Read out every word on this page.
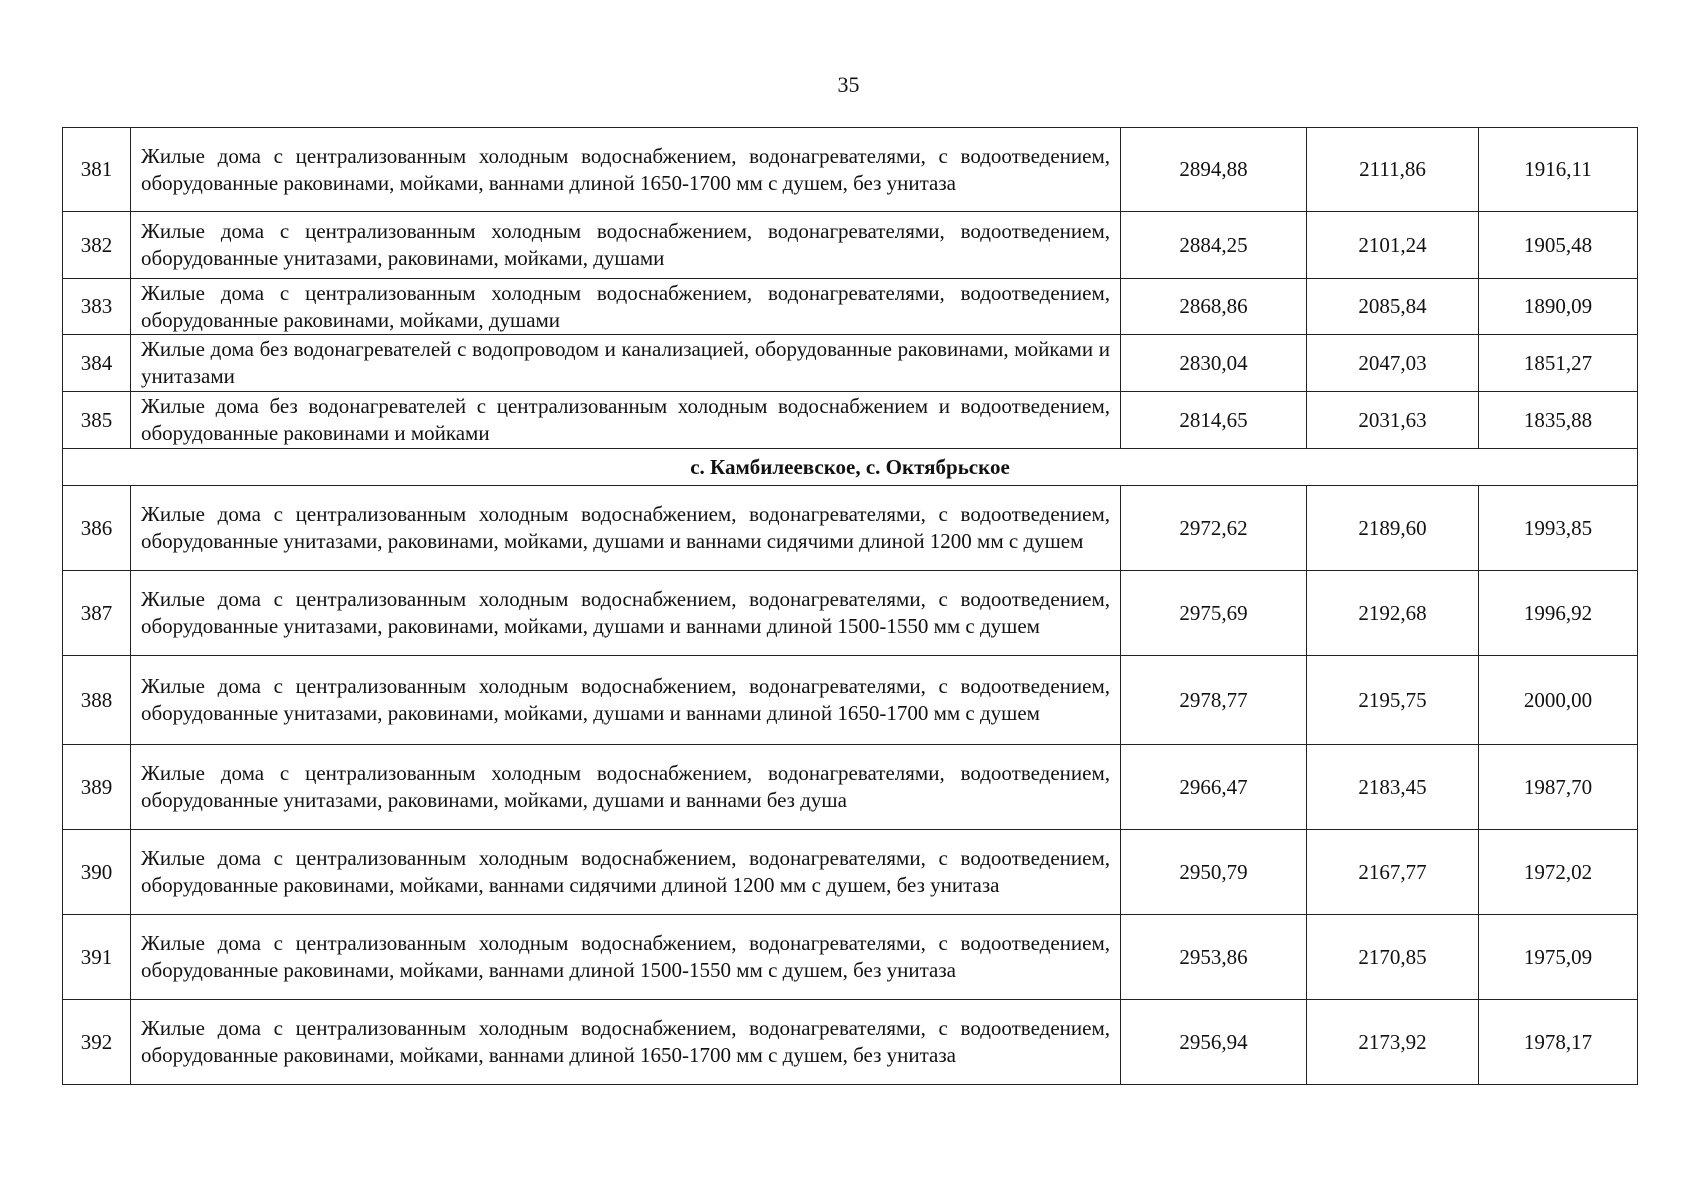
35
381	Жилые дома с централизованным холодным водоснабжением, водонагревателями, с водоотведением, оборудованные раковинами, мойками, ваннами длиной 1650-1700 мм с душем, без унитаза	2894,88	2111,86	1916,11
382	Жилые дома с централизованным холодным водоснабжением, водонагревателями, водоотведением, оборудованные унитазами, раковинами, мойками, душами	2884,25	2101,24	1905,48
383	Жилые дома с централизованным холодным водоснабжением, водонагревателями, водоотведением, оборудованные раковинами, мойками, душами	2868,86	2085,84	1890,09
384	Жилые дома без водонагревателей с водопроводом и канализацией, оборудованные раковинами, мойками и унитазами	2830,04	2047,03	1851,27
385	Жилые дома без водонагревателей с централизованным холодным водоснабжением и водоотведением, оборудованные раковинами и мойками	2814,65	2031,63	1835,88
с. Камбилеевское, с. Октябрьское				
386	Жилые дома с централизованным холодным водоснабжением, водонагревателями, с водоотведением, оборудованные унитазами, раковинами, мойками, душами и ваннами сидячими длиной 1200 мм с душем	2972,62	2189,60	1993,85
387	Жилые дома с централизованным холодным водоснабжением, водонагревателями, с водоотведением, оборудованные унитазами, раковинами, мойками, душами и ваннами длиной 1500-1550 мм с душем	2975,69	2192,68	1996,92
388	Жилые дома с централизованным холодным водоснабжением, водонагревателями, с водоотведением, оборудованные унитазами, раковинами, мойками, душами и ваннами длиной 1650-1700 мм с душем	2978,77	2195,75	2000,00
389	Жилые дома с централизованным холодным водоснабжением, водонагревателями, водоотведением, оборудованные унитазами, раковинами, мойками, душами и ваннами без душа	2966,47	2183,45	1987,70
390	Жилые дома с централизованным холодным водоснабжением, водонагревателями, с водоотведением, оборудованные раковинами, мойками, ваннами сидячими длиной 1200 мм с душем, без унитаза	2950,79	2167,77	1972,02
391	Жилые дома с централизованным холодным водоснабжением, водонагревателями, с водоотведением, оборудованные раковинами, мойками, ваннами длиной 1500-1550 мм с душем, без унитаза	2953,86	2170,85	1975,09
392	Жилые дома с централизованным холодным водоснабжением, водонагревателями, с водоотведением, оборудованные раковинами, мойками, ваннами длиной 1650-1700 мм с душем, без унитаза	2956,94	2173,92	1978,17
